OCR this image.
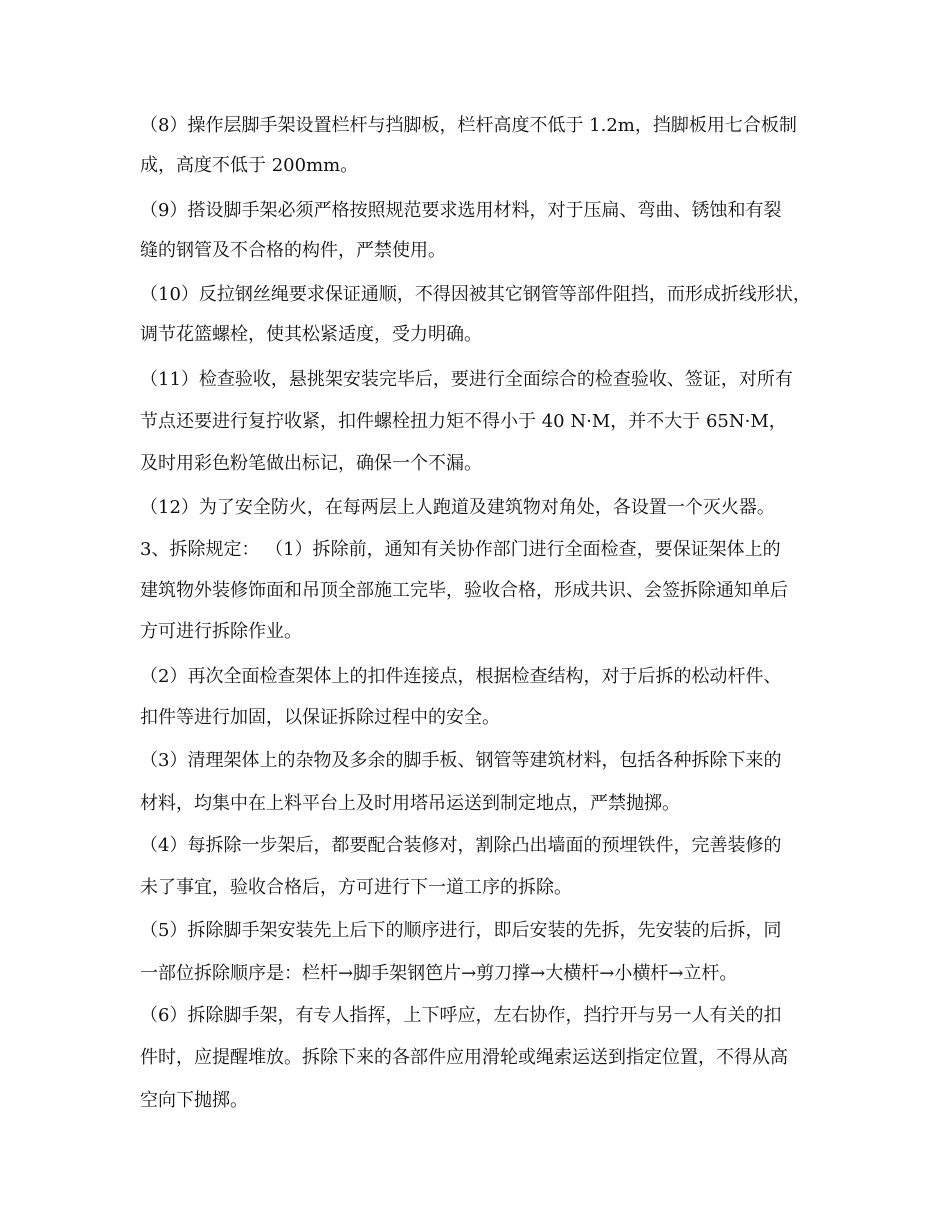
（8）操作层脚手架设置栏杆与挡脚板，栏杆高度不低于 1.2m，挡脚板用七合板制
成，高度不低于 200mm。
（9）搭设脚手架必须严格按照规范要求选用材料，对于压扁、弯曲、锈蚀和有裂
缝的钢管及不合格的构件，严禁使用。
（10）反拉钢丝绳要求保证通顺，不得因被其它钢管等部件阻挡，而形成折线形状，
调节花篮螺栓，使其松紧适度，受力明确。
（11）检查验收，悬挑架安装完毕后，要进行全面综合的检查验收、签证，对所有
节点还要进行复拧收紧，扣件螺栓扭力矩不得小于 40 N·M，并不大于 65N·M，
及时用彩色粉笔做出标记，确保一个不漏。
（12）为了安全防火，在每两层上人跑道及建筑物对角处，各设置一个灭火器。
3、拆除规定： （1）拆除前，通知有关协作部门进行全面检查，要保证架体上的
建筑物外装修饰面和吊顶全部施工完毕，验收合格，形成共识、会签拆除通知单后
方可进行拆除作业。
（2）再次全面检查架体上的扣件连接点，根据检查结构，对于后拆的松动杆件、
扣件等进行加固，以保证拆除过程中的安全。
（3）清理架体上的杂物及多余的脚手板、钢管等建筑材料，包括各种拆除下来的
材料，均集中在上料平台上及时用塔吊运送到制定地点，严禁抛掷。
（4）每拆除一步架后，都要配合装修对，割除凸出墙面的预埋铁件，完善装修的
未了事宜，验收合格后，方可进行下一道工序的拆除。
（5）拆除脚手架安装先上后下的顺序进行，即后安装的先拆，先安装的后拆，同
一部位拆除顺序是：栏杆→脚手架钢笆片→剪刀撑→大横杆→小横杆→立杆。
（6）拆除脚手架，有专人指挥，上下呼应，左右协作，挡拧开与另一人有关的扣
件时，应提醒堆放。拆除下来的各部件应用滑轮或绳索运送到指定位置，不得从高
空向下抛掷。
